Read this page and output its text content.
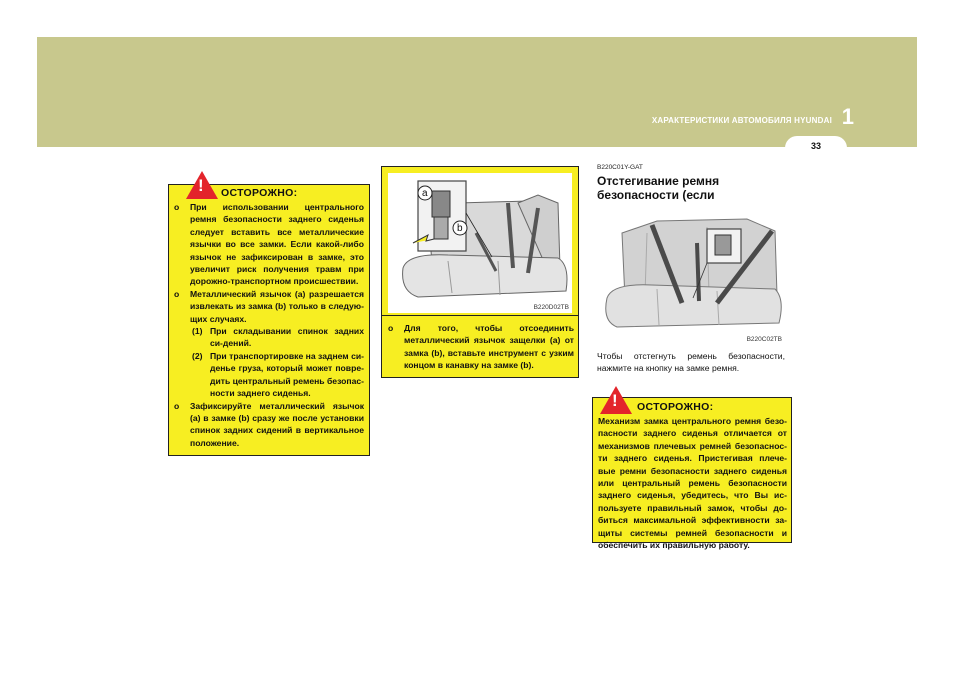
ХАРАКТЕРИСТИКИ АВТОМОБИЛЯ HYUNDAI 1
33
! ОСТОРОЖНО:
o При использовании центрального ремня безопасности заднего сиденья следует вставить все металлические язычки во все замки. Если какой-либо язычок не зафиксирован в замке, это увеличит риск получения травм при дорожно-транспортном происшествии.
o Металлический язычок (a) разрешается извлекать из замка (b) только в следую-щих случаях.
(1) При складывании спинок задних си-дений.
(2) При транспортировке на заднем си-денье груза, который может повре-дить центральный ремень безопас-ности заднего сиденья.
o Зафиксируйте металлический язычок (a) в замке (b) сразу же после установки спинок задних сидений в вертикальное положение.
a
b
B220D02TB
o Для того, чтобы отсоединить металлический язычок защелки (a) от замка (b), вставьте инструмент с узким концом в канавку на замке (b).
B220C01Y-GAT
Отстегивание ремня
безопасности (если
B220C02TB
Чтобы отстегнуть ремень безопасности, нажмите на кнопку на замке ремня.
! ОСТОРОЖНО:
Механизм замка центрального ремня безо-пасности заднего сиденья отличается от механизмов плечевых ремней безопаснос-ти заднего сиденья. Пристегивая плече-вые ремни безопасности заднего сиденья или центральный ремень безопасности заднего сиденья, убедитесь, что Вы ис-пользуете правильный замок, чтобы до-биться максимальной эффективности за-щиты системы ремней безопасности и обеспечить их правильную работу.
